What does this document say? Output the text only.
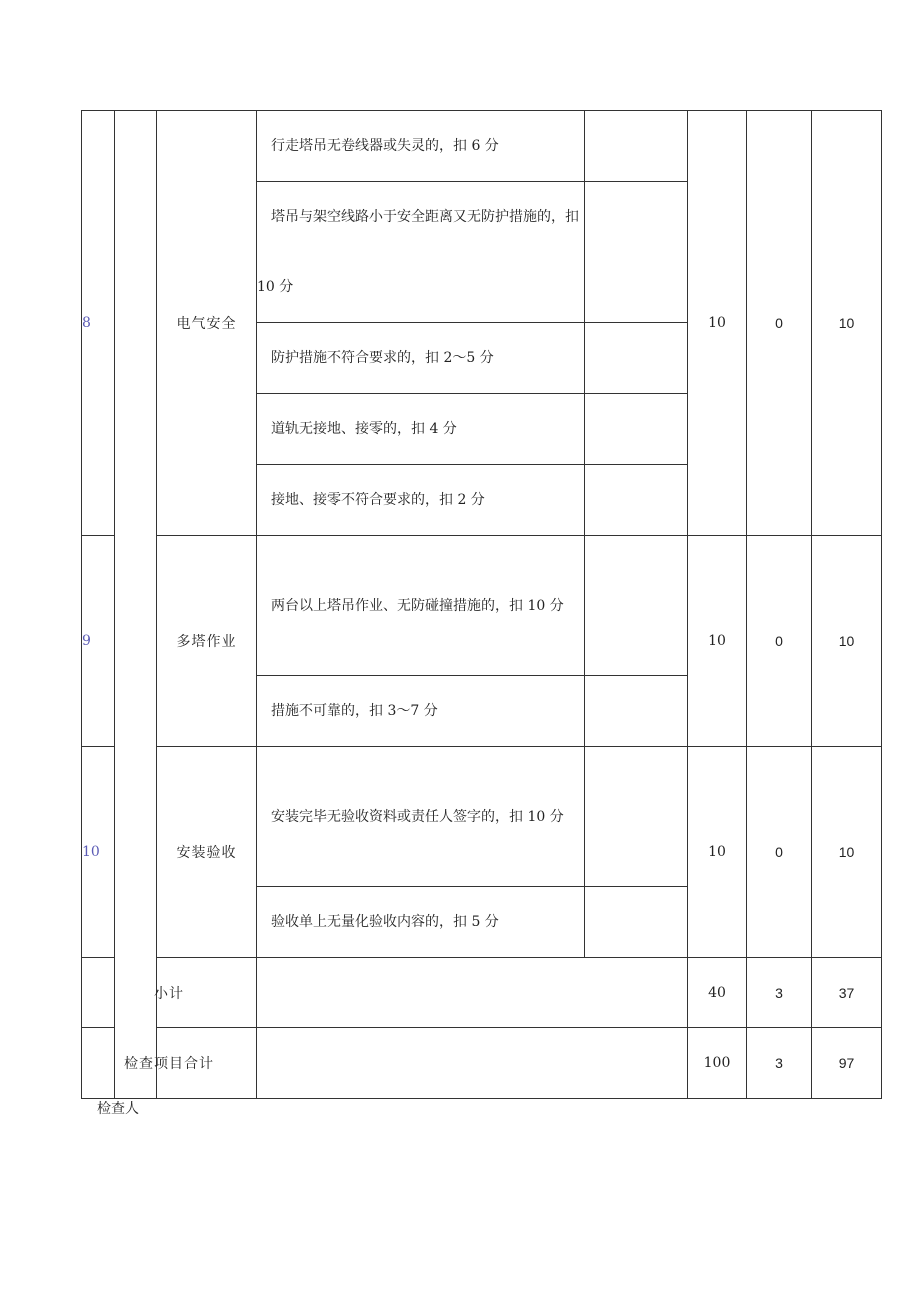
8		电气安全	行走塔吊无卷线器或失灵的，扣 6 分		10	0	10

			塔吊与架空线路小于安全距离又无防护措施的，扣 10 分				

			防护措施不符合要求的，扣 2～5 分				
			道轨无接地、接零的，扣 4 分				
			接地、接零不符合要求的，扣 2 分				

9		多塔作业	两台以上塔吊作业、无防碰撞措施的，扣 10 分		10	0	10
			措施不可靠的，扣 3～7 分				
10		安装验收	安装完毕无验收资料或责任人签字的，扣 10 分		10	0	10
			验收单上无量化验收内容的，扣 5 分				

小计					40	3	37
检查项目合计					100	3	97
检查人
